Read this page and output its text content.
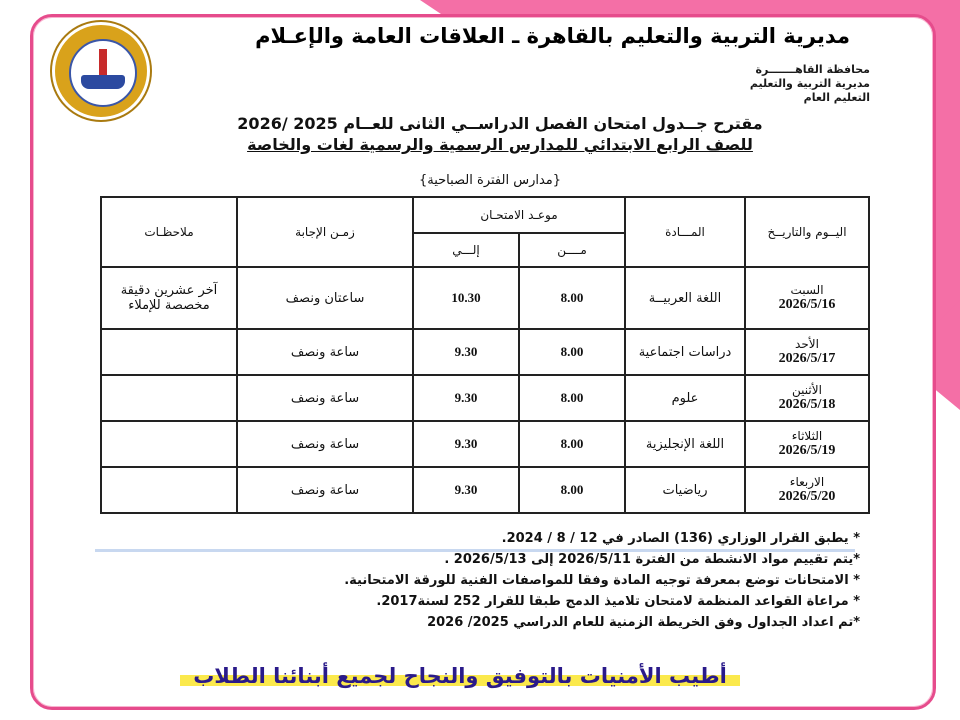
مديرية التربية والتعليم بالقاهرة ـ العلاقات العامة والإعـلام
محافظة القاهـــــــرة
مديرية التربية والتعليم
التعليم العام
مقترح جــدول امتحان الفصل الدراســي الثانى للعــام 2025 /2026
للصف الرابع الابتدائي للمدارس الرسمية والرسمية لغات والخاصة
{مدارس الفترة الصباحية}
اليــوم والتاريــخ	المـــادة	موعـد الامتحـان		زمـن الإجابة	ملاحظـات
		مــــن	إلـــي		

السبت
2026/5/16	اللغة العربيــة	8.00	10.30	ساعتان ونصف	آخر عشرين دقيقة مخصصة للإملاء

الأحد
2026/5/17	دراسات اجتماعية	8.00	9.30	ساعة ونصف	

الأثنين
2026/5/18	علوم	8.00	9.30	ساعة ونصف	

الثلاثاء
2026/5/19	اللغة الإنجليزية	8.00	9.30	ساعة ونصف	

الاربعاء
2026/5/20	رياضيات	8.00	9.30	ساعة ونصف	
* يطبق القرار الوزاري (136) الصادر في 12 / 8 / 2024.
*يتم تقييم مواد الانشطة من الفترة 2026/5/11 إلى 2026/5/13 .
* الامتحانات توضع بمعرفة توجيه المادة وفقا للمواصفات الفنية للورقة الامتحانية.
* مراعاة القواعد المنظمة لامتحان تلاميذ الدمج طبقا للقرار 252 لسنة2017.
*تم اعداد الجداول وفق الخريطة الزمنية للعام الدراسي 2025/ 2026
أطيب الأمنيات بالتوفيق والنجاح لجميع أبنائنا الطلاب
